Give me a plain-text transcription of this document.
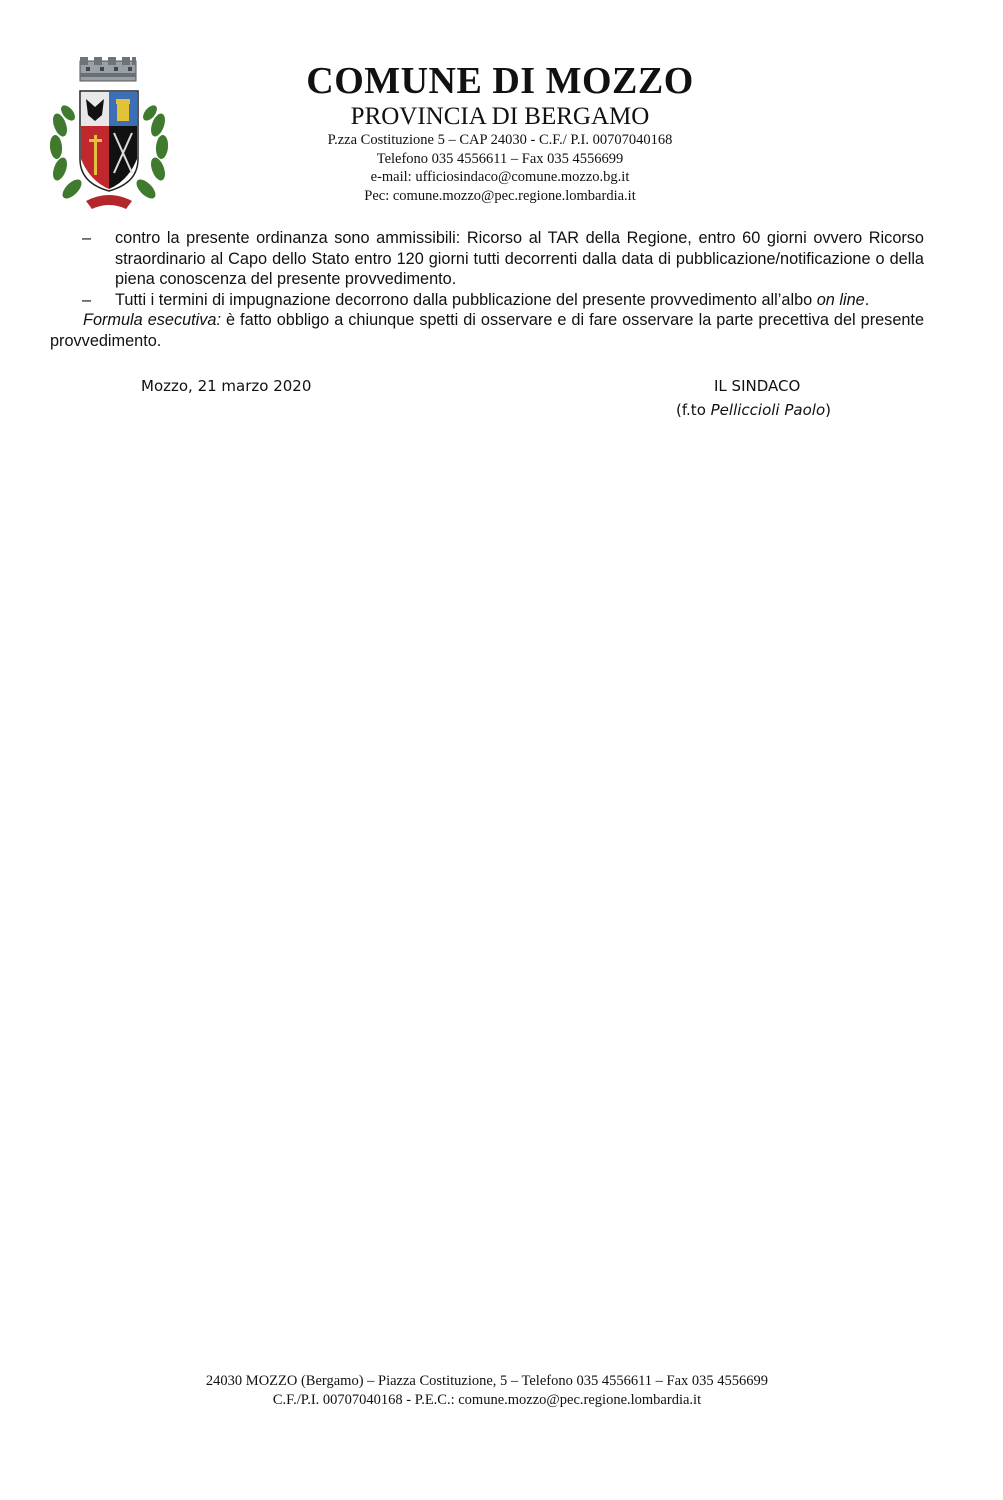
COMUNE DI MOZZO
PROVINCIA DI BERGAMO
P.zza Costituzione 5 – CAP 24030 - C.F./ P.I. 00707040168
Telefono 035 4556611 – Fax 035 4556699
e-mail: ufficiosindaco@comune.mozzo.bg.it
Pec: comune.mozzo@pec.regione.lombardia.it
– contro la presente ordinanza sono ammissibili: Ricorso al TAR della Regione, entro 60 giorni ovvero Ricorso straordinario al Capo dello Stato entro 120 giorni tutti decorrenti dalla data di pubblicazione/notificazione o della piena conoscenza del presente provvedimento.
– Tutti i termini di impugnazione decorrono dalla pubblicazione del presente provvedimento all’albo on line.
Formula esecutiva: è fatto obbligo a chiunque spetti di osservare e di fare osservare la parte precettiva del presente provvedimento.
Mozzo, 21 marzo 2020	IL SINDACO
(f.to Pelliccioli Paolo)
24030 MOZZO (Bergamo) – Piazza Costituzione, 5 – Telefono 035 4556611 – Fax 035 4556699
C.F./P.I. 00707040168 - P.E.C.: comune.mozzo@pec.regione.lombardia.it
